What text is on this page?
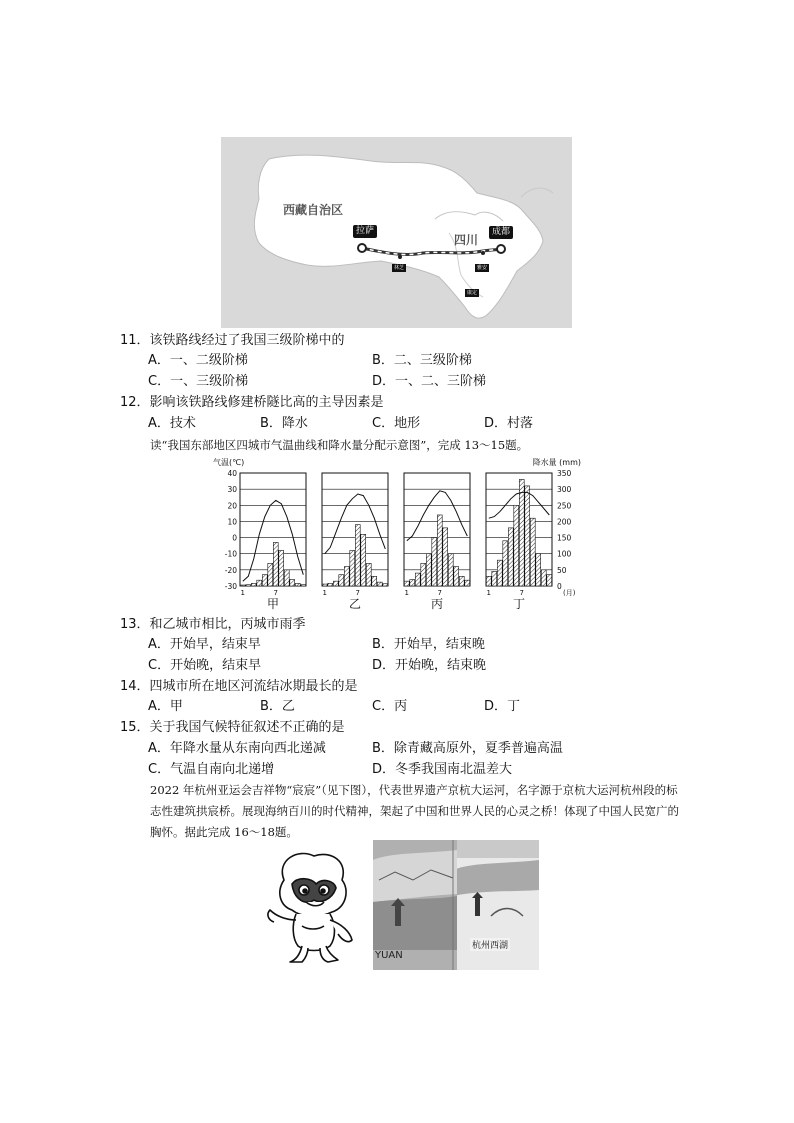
西藏自治区
四川
拉萨	成都
林芝	雅安
康定
11．该铁路线经过了我国三级阶梯中的
A．一、二级阶梯	B．二、三级阶梯
C．一、三级阶梯	D．一、二、三阶梯
12．影响该铁路线修建桥隧比高的主导因素是
A．技术	B．降水	C．地形	D．村落
读“我国东部地区四城市气温曲线和降水量分配示意图”，完成 13～15题。
气温(℃)	降水量 (mm)
40
30
20
10
0
-10
-20
-30
350
300
250
200
150
100
50
0
1	7
甲
1	7
乙
1	7
丙
1	7
丁
(月)
13．和乙城市相比，丙城市雨季
A．开始早，结束早	B．开始早，结束晚
C．开始晚，结束早	D．开始晚，结束晚
14．四城市所在地区河流结冰期最长的是
A．甲	B．乙	C．丙	D．丁
15．关于我国气候特征叙述不正确的是
A．年降水量从东南向西北递减	B．除青藏高原外，夏季普遍高温
C．气温自南向北递增	D．冬季我国南北温差大
2022 年杭州亚运会吉祥物“宸宸”（见下图），代表世界遗产京杭大运河，名字源于京杭大运河杭州段的标志性建筑拱宸桥。展现海纳百川的时代精神，架起了中国和世界人民的心灵之桥！体现了中国人民宽广的胸怀。据此完成 16～18题。
YUAN
杭州西湖
